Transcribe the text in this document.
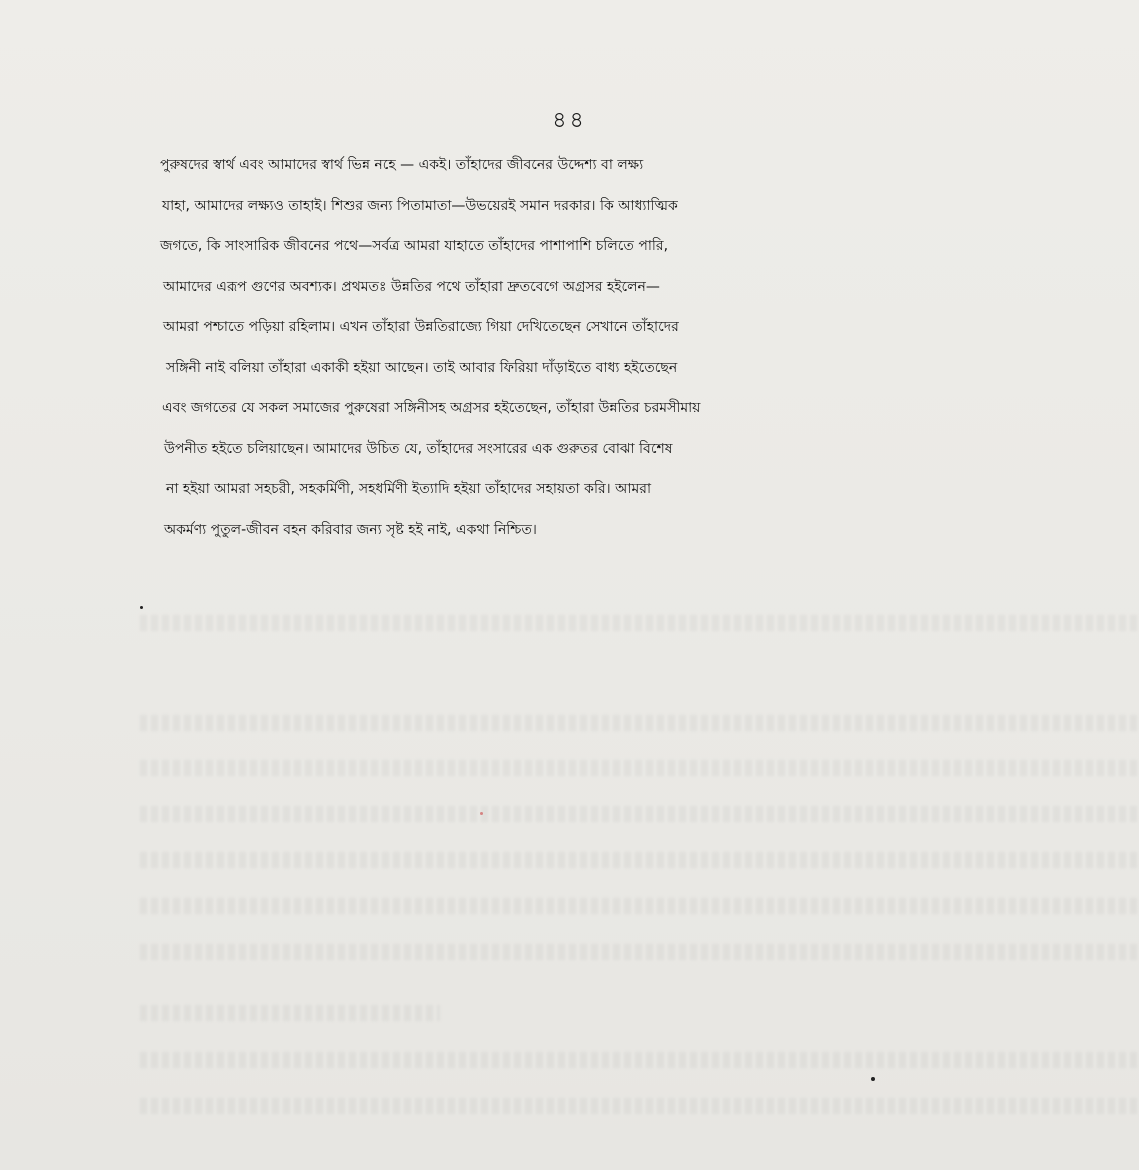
৪৪
পুরুষদের স্বার্থ এবং আমাদের স্বার্থ ভিন্ন নহে — একই। তাঁহাদের জীবনের উদ্দেশ্য বা লক্ষ্য
যাহা, আমাদের লক্ষ্যও তাহাই। শিশুর জন্য পিতামাতা—উভয়েরই সমান দরকার। কি আধ্যাত্মিক
জগতে, কি সাংসারিক জীবনের পথে—সর্বত্র আমরা যাহাতে তাঁহাদের পাশাপাশি চলিতে পারি,
আমাদের এরূপ গুণের অবশ্যক। প্রথমতঃ উন্নতির পথে তাঁহারা দ্রুতবেগে অগ্রসর হইলেন—
আমরা পশ্চাতে পড়িয়া রহিলাম। এখন তাঁহারা উন্নতিরাজ্যে গিয়া দেখিতেছেন সেখানে তাঁহাদের
সঙ্গিনী নাই বলিয়া তাঁহারা একাকী হইয়া আছেন। তাই আবার ফিরিয়া দাঁড়াইতে বাধ্য হইতেছেন
এবং জগতের যে সকল সমাজের পুরুষেরা সঙ্গিনীসহ অগ্রসর হইতেছেন, তাঁহারা উন্নতির চরমসীমায়
উপনীত হইতে চলিয়াছেন। আমাদের উচিত যে, তাঁহাদের সংসারের এক গুরুতর বোঝা বিশেষ
না হইয়া আমরা সহচরী, সহকর্মিণী, সহধর্মিণী ইত্যাদি হইয়া তাঁহাদের সহায়তা করি। আমরা
অকর্মণ্য পুতুল-জীবন বহন করিবার জন্য সৃষ্ট হই নাই, একথা নিশ্চিত।
